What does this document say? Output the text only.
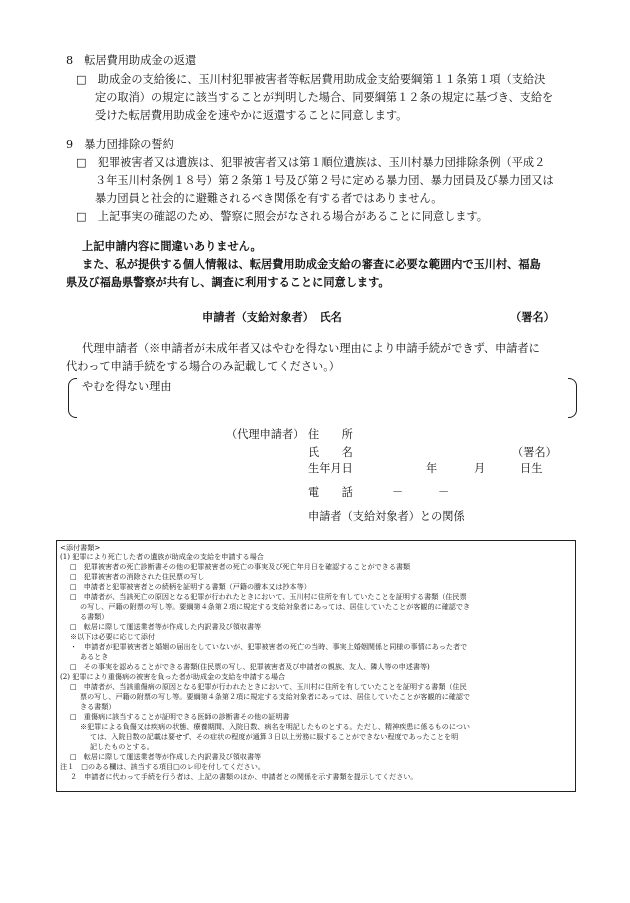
8　転居費用助成金の返還
□　助成金の支給後に、玉川村犯罪被害者等転居費用助成金支給要綱第１１条第１項（支給決
定の取消）の規定に該当することが判明した場合、同要綱第１２条の規定に基づき、支給を
受けた転居費用助成金を速やかに返還することに同意します。
9　暴力団排除の誓約
□　犯罪被害者又は遺族は、犯罪被害者又は第１順位遺族は、玉川村暴力団排除条例（平成２
３年玉川村条例１８号）第２条第１号及び第２号に定める暴力団、暴力団員及び暴力団又は
暴力団員と社会的に避難されるべき関係を有する者ではありません。
□　上記事実の確認のため、警察に照会がなされる場合があることに同意します。
上記申請内容に間違いありません。
また、私が提供する個人情報は、転居費用助成金支給の審査に必要な範囲内で玉川村、福島
県及び福島県警察が共有し、調査に利用することに同意します。
申請者（支給対象者）　氏名	（署名）
代理申請者（※申請者が未成年者又はやむを得ない理由により申請手続ができず、申請者に
代わって申請手続をする場合のみ記載してください。）
やむを得ない理由
（代理申請者） 住　　所
氏　　名	（署名）
生年月日	年	月	日生
電　　話	－	－
申請者（支給対象者）との関係
<添付書類>
(1) 犯罪により死亡した者の遺族が助成金の支給を申請する場合
□　犯罪被害者の死亡診断書その他の犯罪被害者の死亡の事実及び死亡年月日を確認することができる書類
□　犯罪被害者の消除された住民票の写し
□　申請者と犯罪被害者との続柄を証明する書類（戸籍の謄本又は抄本等）
□　申請者が、当該死亡の原因となる犯罪が行われたときにおいて、玉川村に住所を有していたことを証明する書類（住民票
の写し、戸籍の附票の写し等。要綱第４条第２項に規定する支給対象者にあっては、居住していたことが客観的に確認でき
る書類）
□　転居に際して運送業者等が作成した内訳書及び領収書等
※以下は必要に応じて添付
・　申請者が犯罪被害者と婚姻の届出をしていないが、犯罪被害者の死亡の当時、事実上婚姻関係と同様の事情にあった者で
あるとき
□　その事実を認めることができる書類(住民票の写し、犯罪被害者及び申請者の親族、友人、隣人等の申述書等)
(2) 犯罪により重傷病の被害を負った者が助成金の支給を申請する場合
□　申請者が、当該重傷病の原因となる犯罪が行われたときにおいて、玉川村に住所を有していたことを証明する書類（住民
票の写し、戸籍の附票の写し等。要綱第４条第２項に規定する支給対象者にあっては、居住していたことが客観的に確認で
きる書類）
□　重傷病に該当することが証明できる医師の診断書その他の証明書
※犯罪による負傷又は疾病の状態、療養期間、入院日数、病名を明記したものとする。ただし、精神疾患に係るものについ
ては、入院日数の記載は要せず、その症状の程度が通算３日以上労務に服することができない程度であったことを明
記したものとする。
□　転居に際して運送業者等が作成した内訳書及び領収書等
注１　□のある欄は、該当する項目□のレ印を付してください。
２　申請者に代わって手続を行う者は、上記の書類のほか、申請者との関係を示す書類を提示してください。
